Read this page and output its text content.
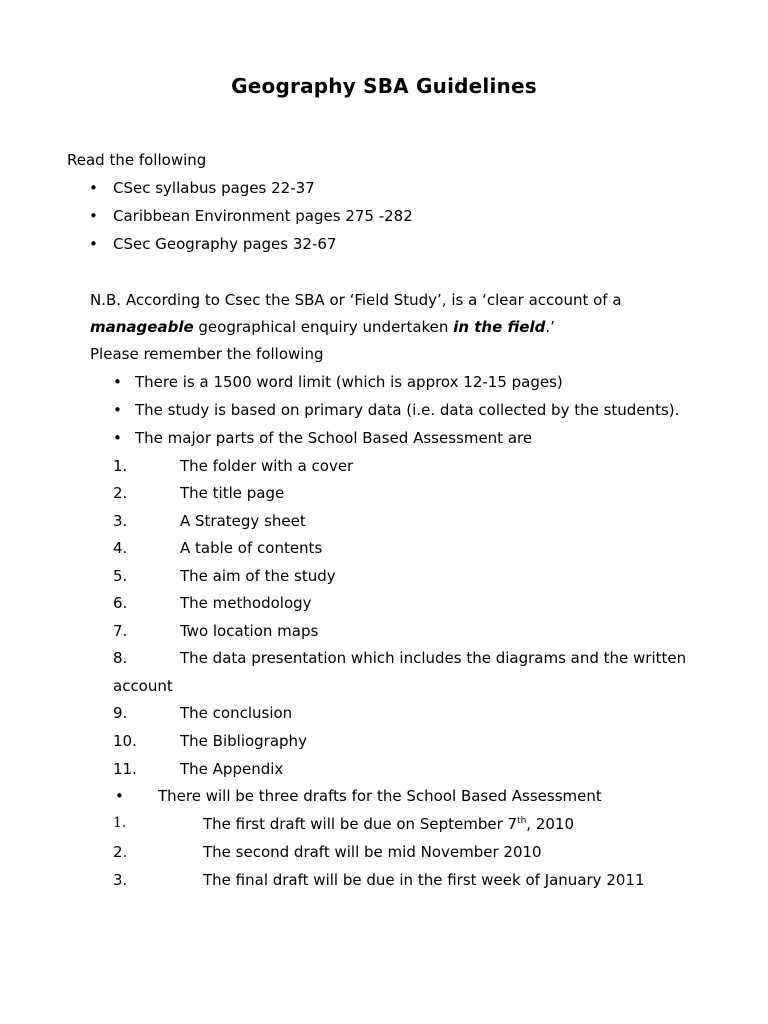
Geography SBA Guidelines
Read the following
• CSec syllabus pages 22-37
• Caribbean Environment pages 275 -282
• CSec Geography pages 32-67
N.B. According to Csec the SBA or ‘Field Study’, is a ‘clear account of a
manageable geographical enquiry undertaken in the field.’
Please remember the following
• There is a 1500 word limit (which is approx 12-15 pages)
• The study is based on primary data (i.e. data collected by the students).
• The major parts of the School Based Assessment are
1.	The folder with a cover
2.	The title page
3.	A Strategy sheet
4.	A table of contents
5.	The aim of the study
6.	The methodology
7.	Two location maps
8.	The data presentation which includes the diagrams and the written
account
9.	The conclusion
10.	The Bibliography
11.	The Appendix
• There will be three drafts for the School Based Assessment
1.	The first draft will be due on September 7th, 2010
2.	The second draft will be mid November 2010
3.	The final draft will be due in the first week of January 2011
